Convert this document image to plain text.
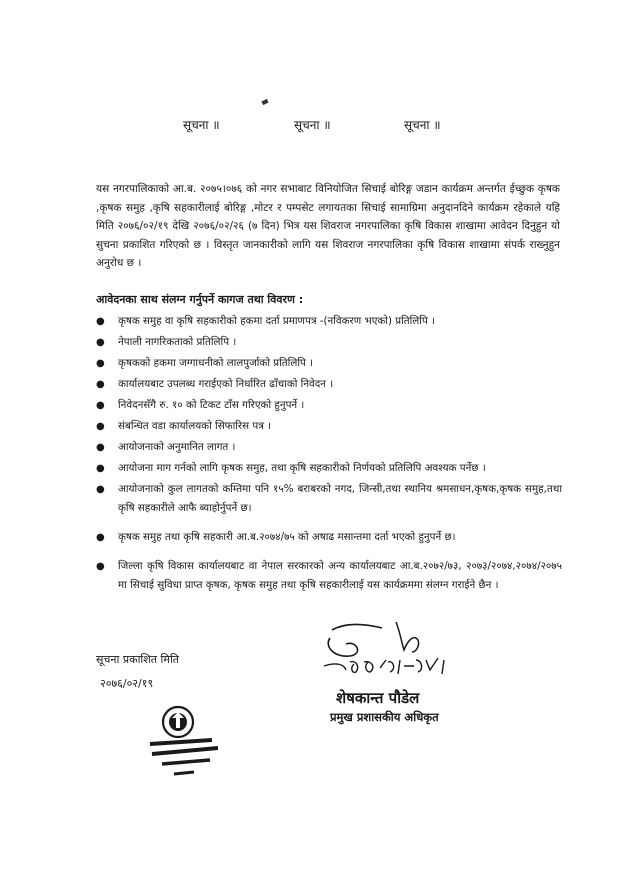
सूचना ॥	सूचना ॥	सूचना ॥
यस नगरपालिकाको आ.ब. २०७५।०७६ को नगर सभाबाट विनियोजित सिचाई बोरिङ्ग जडान कार्यक्रम अन्तर्गत ईच्छुक कृषक ,कृषक समुह ,कृषि सहकारीलाई बोरिङ्ग ,मोटर र पम्पसेट लगायतका सिचाई सामाग्रिमा अनुदानदिने कार्यक्रम रहेकाले यहि मिति २०७६/०२/१९ देखि २०७६/०२/२६ (७ दिन) भित्र यस शिवराज नगरपालिका कृषि विकास शाखामा आवेदन दिनुहुन यो सुचना प्रकाशित गरिएको छ । विस्तृत जानकारीको लागि यस शिवराज नगरपालिका कृषि विकास शाखामा संपर्क राख्नुहुन अनुरोध छ ।
आवेदनका साथ संलग्न गर्नुपर्ने कागज तथा विवरण :
● कृषक समुह वा कृषि सहकारीको हकमा दर्ता प्रमाणपत्र -(नविकरण भएको) प्रतिलिपि ।
● नेपाली नागरिकताको प्रतिलिपि ।
● कृषकको हकमा जग्गाधनीको लालपुर्जाको प्रतिलिपि ।
● कार्यालयबाट उपलब्ध गराईएको निर्धारित ढाँचाको निवेदन ।
● निवेदनसँगै रु. १० को टिकट टाँस गरिएको हुनुपर्ने ।
● संबन्धित वडा कार्यालयको सिफारिस पत्र ।
● आयोजनाको अनुमानित लागत ।
● आयोजना माग गर्नको लागि कृषक समुह, तथा कृषि सहकारीको निर्णयको प्रतिलिपि अवश्यक पर्नेछ ।
● आयोजनाको कुल लागतको कम्तिमा पनि १५% बराबरको नगद, जिन्सी,तथा स्थानिय श्रमसाधन,कृषक,कृषक समुह,तथा कृषि सहकारीले आफै ब्याहोर्नुपर्ने छ।
● कृषक समुह तथा कृषि सहकारी आ.ब.२०७४/७५ को अषाढ मसान्तमा दर्ता भएको हुनुपर्ने छ।
● जिल्ला कृषि विकास कार्यालयबाट वा नेपाल सरकारको अन्य कार्यालयबाट आ.ब.२०७२/७३, २०७३/२०७४,२०७४/२०७५ मा सिचाई सुविधा प्राप्त कृषक, कृषक समुह तथा कृषि सहकारीलाई यस कार्यक्रममा संलग्न गराईने छैन ।
सूचना प्रकाशित मिति
२०७६/०२/१९
शेषकान्त पौडेल
प्रमुख प्रशासकीय अधिकृत
